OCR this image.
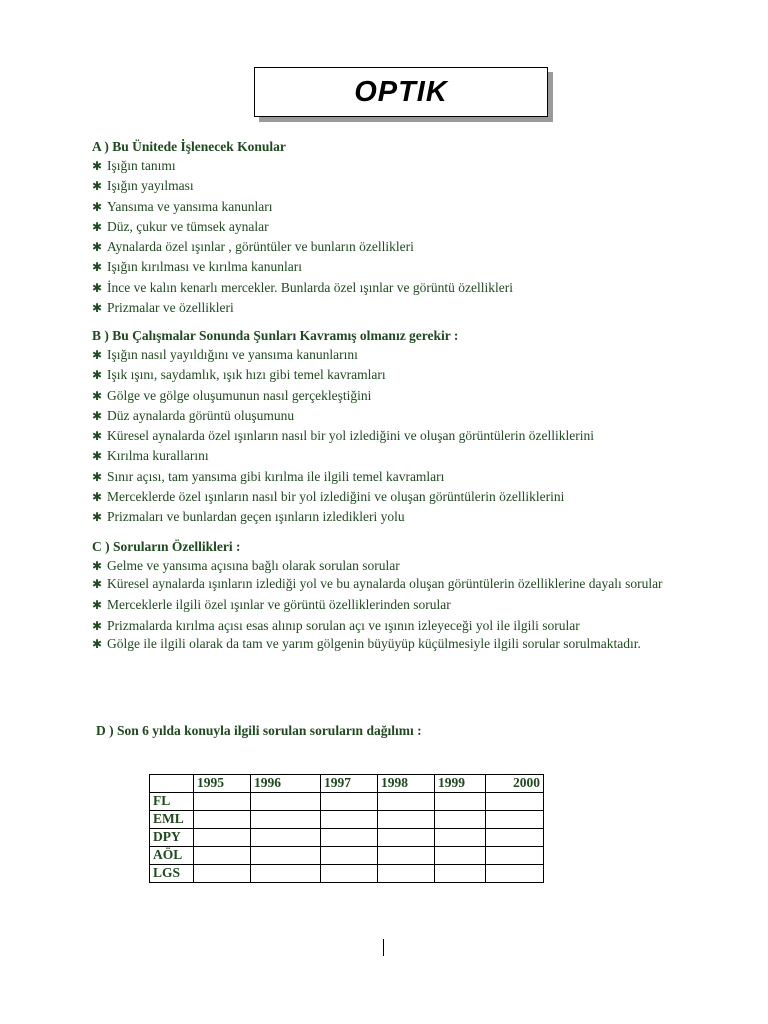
OPTIK
A ) Bu Ünitede İşlenecek Konular
✱ Işığın tanımı
✱ Işığın yayılması
✱ Yansıma ve yansıma kanunları
✱ Düz, çukur ve tümsek aynalar
✱ Aynalarda özel ışınlar , görüntüler ve bunların özellikleri
✱ Işığın kırılması ve kırılma kanunları
✱ İnce ve kalın kenarlı mercekler. Bunlarda özel ışınlar ve görüntü özellikleri
✱ Prizmalar ve özellikleri
B ) Bu Çalışmalar Sonunda Şunları Kavramış olmanız gerekir :
✱ Işığın nasıl yayıldığını ve yansıma kanunlarını
✱ Işık ışını, saydamlık, ışık hızı gibi temel kavramları
✱ Gölge ve gölge oluşumunun nasıl gerçekleştiğini
✱ Düz aynalarda görüntü oluşumunu
✱ Küresel aynalarda özel ışınların nasıl bir yol izlediğini ve oluşan görüntülerin özelliklerini
✱ Kırılma kurallarını
✱ Sınır açısı, tam yansıma gibi kırılma ile ilgili temel kavramları
✱ Merceklerde özel ışınların nasıl bir yol izlediğini ve oluşan görüntülerin özelliklerini
✱ Prizmaları ve bunlardan geçen ışınların izledikleri yolu
C ) Soruların Özellikleri :
✱ Gelme ve yansıma açısına bağlı olarak sorulan sorular
✱ Küresel aynalarda ışınların izlediği yol ve bu aynalarda oluşan görüntülerin özelliklerine dayalı sorular
✱ Merceklerle ilgili özel ışınlar ve görüntü özelliklerinden sorular
✱ Prizmalarda kırılma açısı esas alınıp sorulan açı ve ışının izleyeceği yol ile ilgili sorular
✱ Gölge ile ilgili olarak da tam ve yarım gölgenin büyüyüp küçülmesiyle ilgili sorular sorulmaktadır.
D ) Son 6 yılda konuyla ilgili sorulan soruların dağılımı :
	1995	1996	1997	1998	1999	2000
FL						
EML						
DPY						
AÖL						
LGS						
